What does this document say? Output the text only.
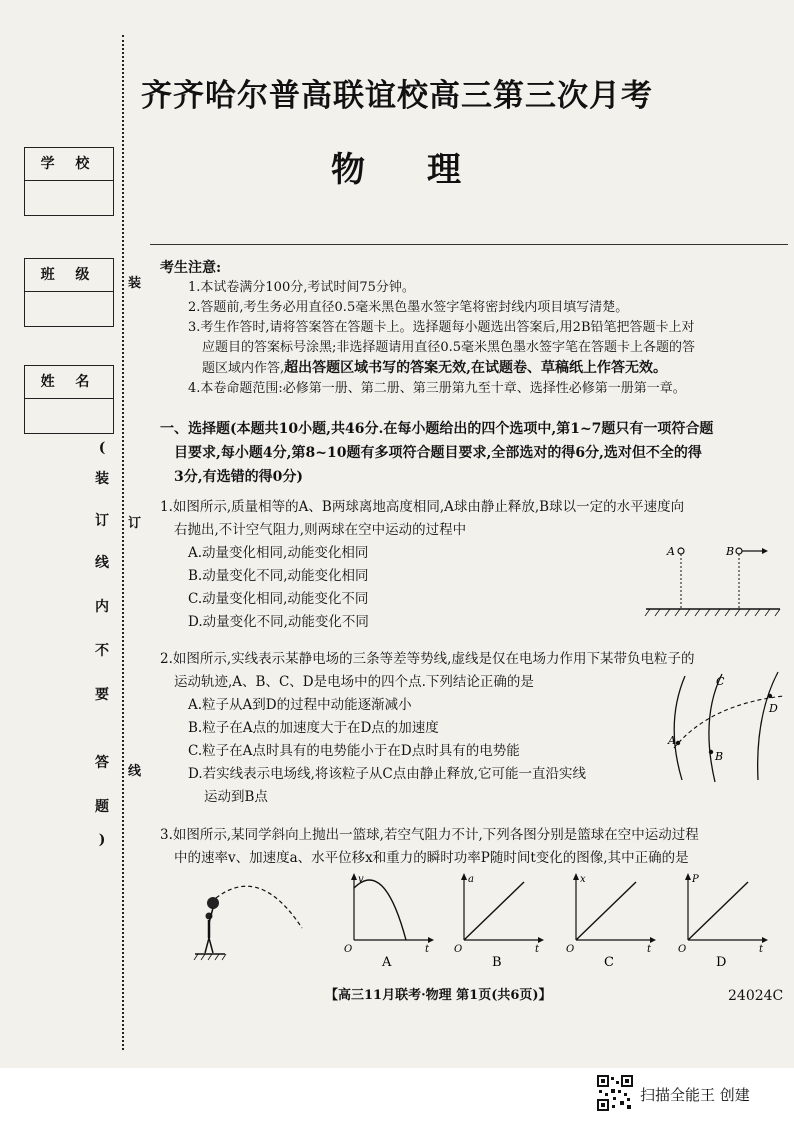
学 校
班 级
姓 名
装
订
线
(
装
订
线
内
不
要
答
题
)
齐齐哈尔普高联谊校高三第三次月考
物理

考生注意:

1.本试卷满分100分,考试时间75分钟。

2.答题前,考生务必用直径0.5毫米黑色墨水签字笔将密封线内项目填写清楚。

3.考生作答时,请将答案答在答题卡上。选择题每小题选出答案后,用2B铅笔把答题卡上对

应题目的答案标号涂黑;非选择题请用直径0.5毫米黑色墨水签字笔在答题卡上各题的答

题区域内作答,超出答题区域书写的答案无效,在试题卷、草稿纸上作答无效。

4.本卷命题范围:必修第一册、第二册、第三册第九至十章、选择性必修第一册第一章。

一、选择题(本题共10小题,共46分.在每小题给出的四个选项中,第1~7题只有一项符合题
目要求,每小题4分,第8~10题有多项符合题目要求,全部选对的得6分,选对但不全的得
3分,有选错的得0分)

1.如图所示,质量相等的A、B两球离地高度相同,A球由静止释放,B球以一定的水平速度向

右抛出,不计空气阻力,则两球在空中运动的过程中

A.动量变化相同,动能变化相同

B.动量变化不同,动能变化相同

C.动量变化相同,动能变化不同

D.动量变化不同,动能变化不同

A	B

2.如图所示,实线表示某静电场的三条等差等势线,虚线是仅在电场力作用下某带负电粒子的

运动轨迹,A、B、C、D是电场中的四个点.下列结论正确的是

A.粒子从A到D的过程中动能逐渐减小

B.粒子在A点的加速度大于在D点的加速度

C.粒子在A点时具有的电势能小于在D点时具有的电势能

D.若实线表示电场线,将该粒子从C点由静止释放,它可能一直沿实线

运动到B点

A
B
C
D

3.如图所示,某同学斜向上抛出一篮球,若空气阻力不计,下列各图分别是篮球在空中运动过程

中的速率v、加速度a、水平位移x和重力的瞬时功率P随时间t变化的图像,其中正确的是

v
t
O
A
a
t
O
B
x
t
O
C
P
t
O
D
【高三11月联考·物理 第1页(共6页)】	24024C
扫描全能王 创建
